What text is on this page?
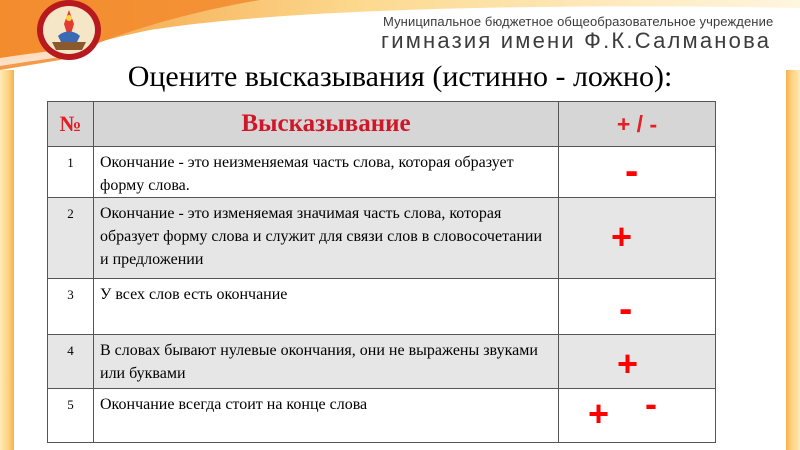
Муниципальное бюджетное общеобразовательное учреждение
гимназия имени Ф.К.Салманова
Оцените высказывания (истинно - ложно):
№	Высказывание	+ / -
1	Окончание - это неизменяемая часть слова, которая образует форму слова.	-

2	Окончание - это изменяемая значимая часть слова, которая образует форму слова и служит для связи слов в словосочетании и предложении	+

3	У всех слов есть окончание	-

4	В словах бывают нулевые окончания, они не выражены звуками или буквами	+

5	Окончание всегда стоит на конце слова	+ -
